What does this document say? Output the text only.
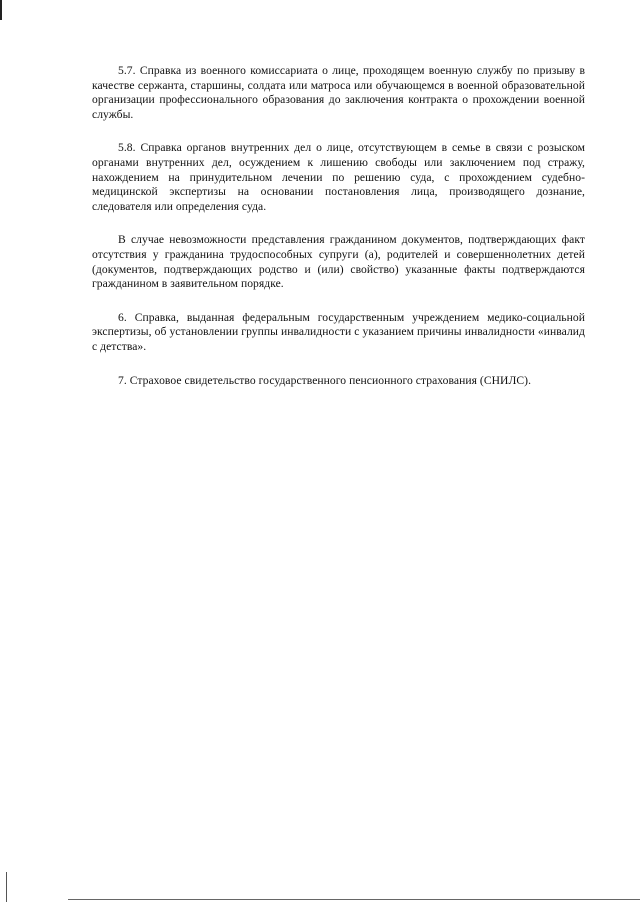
5.7. Справка из военного комиссариата о лице, проходящем военную службу по призыву в качестве сержанта, старшины, солдата или матроса или обучающемся в военной образовательной организации профессионального образования до заключения контракта о прохождении военной службы.

5.8. Справка органов внутренних дел о лице, отсутствующем в семье в связи с розыском органами внутренних дел, осуждением к лишению свободы или заключением под стражу, нахождением на принудительном лечении по решению суда, с прохождением судебно-медицинской экспертизы на основании постановления лица, производящего дознание, следователя или определения суда.

В случае невозможности представления гражданином документов, подтверждающих факт отсутствия у гражданина трудоспособных супруги (а), родителей и совершеннолетних детей (документов, подтверждающих родство и (или) свойство) указанные факты подтверждаются гражданином в заявительном порядке.

6. Справка, выданная федеральным государственным учреждением медико-социальной экспертизы, об установлении группы инвалидности с указанием причины инвалидности «инвалид с детства».

7. Страховое свидетельство государственного пенсионного страхования (СНИЛС).
